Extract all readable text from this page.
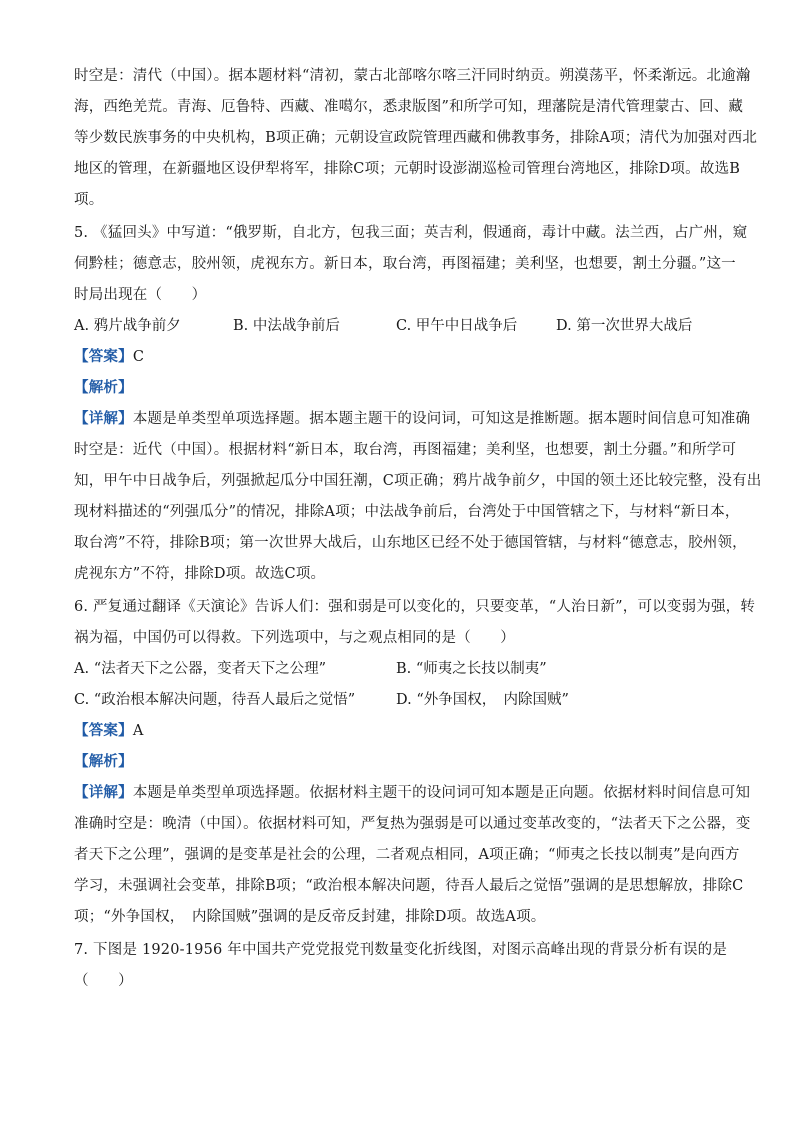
时空是：清代（中国）。据本题材料“清初，蒙古北部喀尔喀三汗同时纳贡。朔漠荡平，怀柔渐远。北逾瀚
海，西绝羌荒。青海、厄鲁特、西藏、准噶尔，悉隶版图”和所学可知，理藩院是清代管理蒙古、回、藏
等少数民族事务的中央机构，B项正确；元朝设宣政院管理西藏和佛教事务，排除A项；清代为加强对西北
地区的管理，在新疆地区设伊犁将军，排除C项；元朝时设澎湖巡检司管理台湾地区，排除D项。故选B
项。
5. 《猛回头》中写道：“俄罗斯，自北方，包我三面；英吉利，假通商，毒计中藏。法兰西，占广州，窥
伺黔桂；德意志，胶州领，虎视东方。新日本，取台湾，再图福建；美利坚，也想要，割土分疆。”这一
时局出现在（　　）
A. 鸦片战争前夕	B. 中法战争前后	C. 甲午中日战争后	D. 第一次世界大战后
【答案】C
【解析】
【详解】本题是单类型单项选择题。据本题主题干的设问词，可知这是推断题。据本题时间信息可知准确
时空是：近代（中国）。根据材料“新日本，取台湾，再图福建；美利坚，也想要，割土分疆。”和所学可
知，甲午中日战争后，列强掀起瓜分中国狂潮，C项正确；鸦片战争前夕，中国的领土还比较完整，没有出
现材料描述的“列强瓜分”的情况，排除A项；中法战争前后，台湾处于中国管辖之下，与材料“新日本，
取台湾”不符，排除B项；第一次世界大战后，山东地区已经不处于德国管辖，与材料“德意志，胶州领，
虎视东方”不符，排除D项。故选C项。
6. 严复通过翻译《天演论》告诉人们：强和弱是可以变化的，只要变革，“人治日新”，可以变弱为强，转
祸为福，中国仍可以得救。下列选项中，与之观点相同的是（　　）
A. “法者天下之公器，变者天下之公理”	B. “师夷之长技以制夷”
C. “政治根本解决问题，待吾人最后之觉悟”	D. “外争国权，　内除国贼”
【答案】A
【解析】
【详解】本题是单类型单项选择题。依据材料主题干的设问词可知本题是正向题。依据材料时间信息可知
准确时空是：晚清（中国）。依据材料可知，严复热为强弱是可以通过变革改变的，“法者天下之公器，变
者天下之公理”，强调的是变革是社会的公理，二者观点相同，A项正确；“师夷之长技以制夷”是向西方
学习，未强调社会变革，排除B项；“政治根本解决问题，待吾人最后之觉悟”强调的是思想解放，排除C
项；“外争国权，　内除国贼”强调的是反帝反封建，排除D项。故选A项。
7. 下图是 1920-1956 年中国共产党党报党刊数量变化折线图，对图示高峰出现的背景分析有误的是
（　　）
